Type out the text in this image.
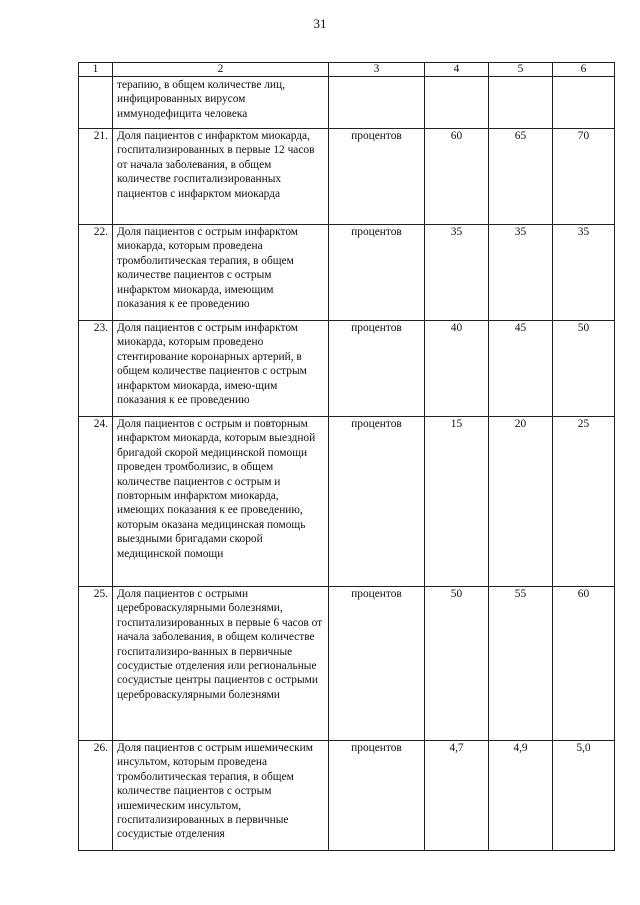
31
1	2	3	4	5	6
	терапию, в общем количестве лиц, инфицированных вирусом иммунодефицита человека				
21.	Доля пациентов с инфарктом миокарда, госпитализированных в первые 12 часов от начала заболевания, в общем количестве госпитализированных пациентов с инфарктом миокарда	процентов	60	65	70
22.	Доля пациентов с острым инфарктом миокарда, которым проведена тромболитическая терапия, в общем количестве пациентов с острым инфарктом миокарда, имеющим показания к ее проведению	процентов	35	35	35
23.	Доля пациентов с острым инфарктом миокарда, которым проведено стентирование коронарных артерий, в общем количестве пациентов с острым инфарктом миокарда, имею-щим показания к ее проведению	процентов	40	45	50
24.	Доля пациентов с острым и повторным инфарктом миокарда, которым выездной бригадой скорой медицинской помощи проведен тромболизис, в общем количестве пациентов с острым и повторным инфарктом миокарда, имеющих показания к ее проведению, которым оказана медицинская помощь выездными бригадами скорой медицинской помощи	процентов	15	20	25
25.	Доля пациентов с острыми цереброваскулярными болезнями, госпитализированных в первые 6 часов от начала заболевания, в общем количестве госпитализиро-ванных в первичные сосудистые отделения или региональные сосудистые центры пациентов с острыми цереброваскулярными болезнями	процентов	50	55	60
26.	Доля пациентов с острым ишемическим инсультом, которым проведена тромболитическая терапия, в общем количестве пациентов с острым ишемическим инсультом, госпитализированных в первичные сосудистые отделения	процентов	4,7	4,9	5,0
